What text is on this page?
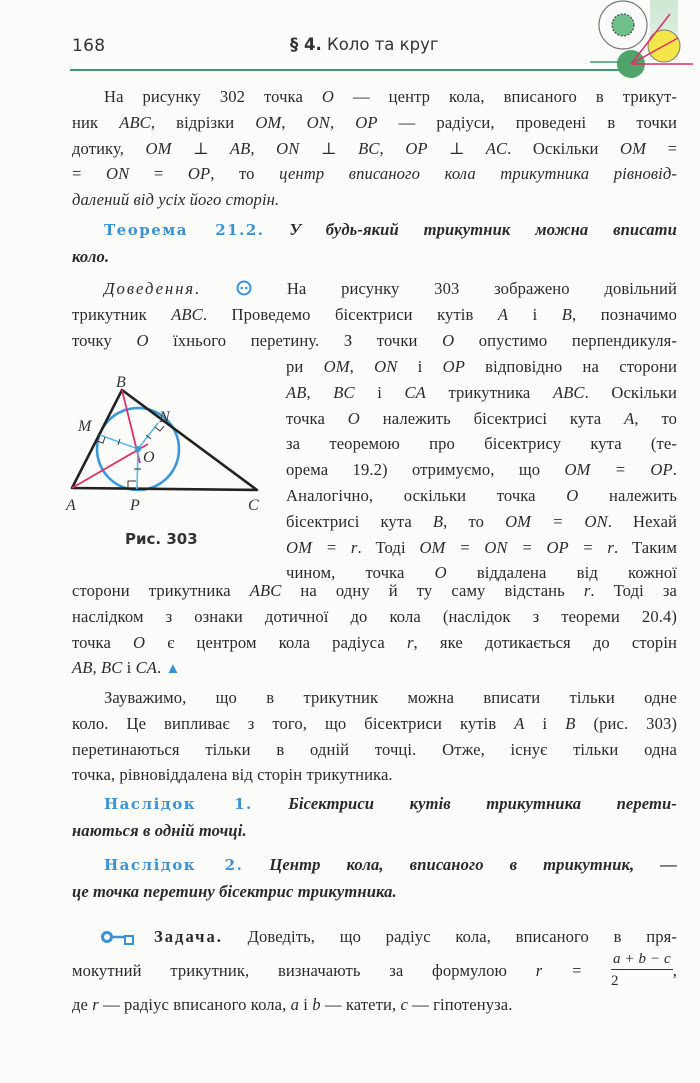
168	§ 4. Коло та круг
На рисунку 302 точка O — центр кола, вписаного в трикут-
ник ABC, відрізки OM, ON, OP — радіуси, проведені в точки
дотику, OM ⊥ AB, ON ⊥ BC, OP ⊥ AC. Оскільки OM =
= ON = OP, то центр вписаного кола трикутника рівновід-
далений від усіх його сторін.
Теорема 21.2. У будь-який трикутник можна вписати
коло.
Доведення.	На рисунку 303 зображено довільний
трикутник ABC. Проведемо бісектриси кутів A і B, позначимо
точку O їхнього перетину. З точки O опустимо перпендикуля-
ри OM, ON і OP відповідно на сторони
AB, BC і CA трикутника ABC. Оскільки
точка O належить бісектрисі кута A, то
за теоремою про бісектрису кута (те-
орема 19.2) отримуємо, що OM = OP.
Аналогічно, оскільки точка O належить
бісектрисі кута B, то OM = ON. Нехай
OM = r. Тоді OM = ON = OP = r. Таким
чином, точка O віддалена від кожної
B
N
M
O
A	P	C
Рис. 303
сторони трикутника ABC на одну й ту саму відстань r. Тоді за
наслідком з ознаки дотичної до кола (наслідок з теореми 20.4)
точка O є центром кола радіуса r, яке дотикається до сторін
AB, BC і CA. ▲
Зауважимо, що в трикутник можна вписати тільки одне
коло. Це випливає з того, що бісектриси кутів A і B (рис. 303)
перетинаються тільки в одній точці. Отже, існує тільки одна
точка, рівновіддалена від сторін трикутника.
Наслідок 1. Бісектриси кутів трикутника перети-
наються в одній точці.
Наслідок 2. Центр кола, вписаного в трикутник, —
це точка перетину бісектрис трикутника.
Задача. Доведіть, що радіус кола, вписаного в пря-
мокутний трикутник, визначають за формулою $r = \frac{a + b - c}{2}$ ,
де r — радіус вписаного кола, a і b — катети, c — гіпотенуза.
